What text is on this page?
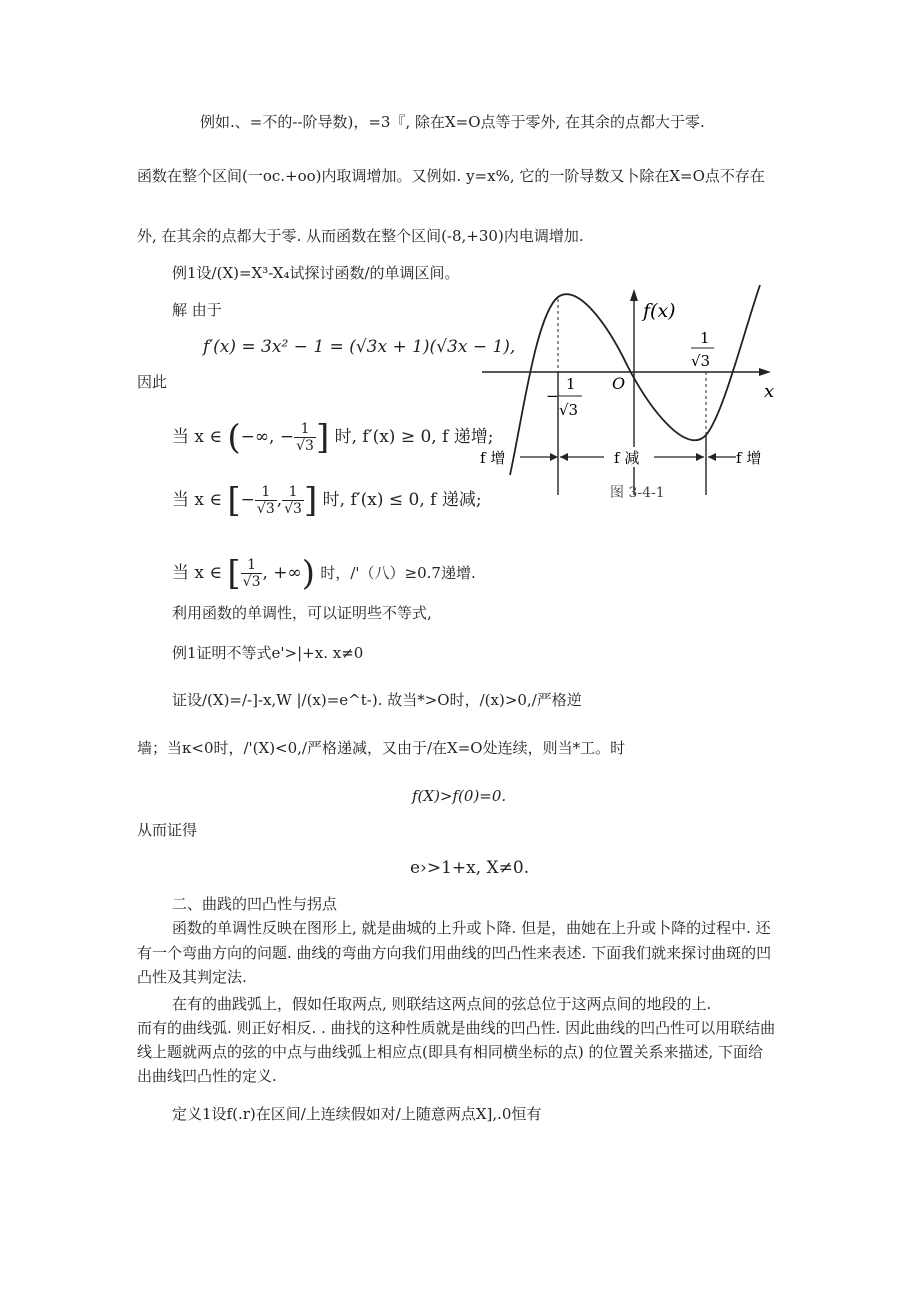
例如.、=不的--阶导数)，=3『, 除在X=O点等于零外, 在其余的点都大于零.
函数在整个区间(一oc.+oo)内取调增加。又例如. y=x%, 它的一阶导数又卜除在X=O点不存在
外, 在其余的点都大于零. 从而函数在整个区间(-8,+30)内电调增加.
例1设/(X)=X³-X₄试探讨函数/的单调区间。
解 由于
f′(x) = 3x² − 1 = (√3x + 1)(√3x − 1),
因此
当 x ∈ (−∞, − $\frac{1}{√3}$ ] 时, f′(x) ≥ 0, f 递增;
当 x ∈ [− $\frac{1}{√3}$ , $\frac{1}{√3}$ ] 时, f′(x) ≤ 0, f 递减;
当 x ∈ [ $\frac{1}{√3}$ , +∞) 时，/'（八）≥0.7递增.
f(x)
x
O
1
√3
−
1
√3
f 增	f 减	f 增
图 3-4-1
利用函数的单调性，可以证明些不等式,
例1证明不等式e'>|+x. x≠0
证设/(X)=/-]-x,W |/(x)=e^t-). 故当*>O时，/(x)>0,/严格逆
墙；当κ<0时，/'(X)<0,/严格递减，又由于/在X=O处连续，则当*工。时
f(X)>f(0)=0.
从而证得
e›>1+x, X≠0.
二、曲践的凹凸性与拐点
函数的单调性反映在图形上, 就是曲城的上升或卜降. 但是，曲她在上升或卜降的过程中. 还
有一个弯曲方向的问题. 曲线的弯曲方向我们用曲线的凹凸性来表述. 下面我们就来探讨曲斑的凹
凸性及其判定法.
在有的曲践弧上，假如任取两点, 则联结这两点间的弦总位于这两点间的地段的上.
而有的曲线弧. 则正好相反. . 曲找的这种性质就是曲线的凹凸性. 因此曲线的凹凸性可以用联结曲
线上题就两点的弦的中点与曲线弧上相应点(即具有相同横坐标的点) 的位置关系来描述, 下面给
出曲线凹凸性的定义.
定义1设f(.r)在区间/上连续假如对/上随意两点X],.0恒有
